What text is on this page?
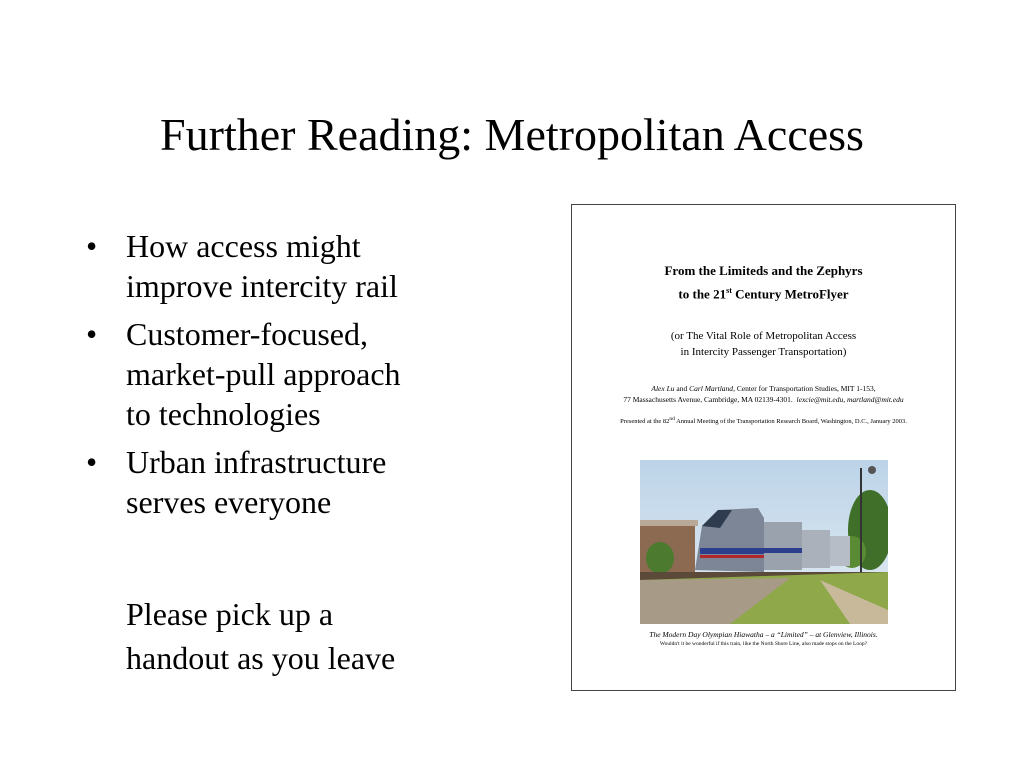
Further Reading: Metropolitan Access
• How access might
improve intercity rail
• Customer-focused,
market-pull approach
to technologies
• Urban infrastructure
serves everyone
Please pick up a
handout as you leave
From the Limiteds and the Zephyrs
to the 21st Century MetroFlyer
(or The Vital Role of Metropolitan Access
in Intercity Passenger Transportation)
Alex Lu and Carl Martland, Center for Transportation Studies, MIT 1-153,
77 Massachusetts Avenue, Cambridge, MA 02139-4301. lexcie@mit.edu, martland@mit.edu
Presented at the 82nd Annual Meeting of the Transportation Research Board, Washington, D.C., January 2003.
The Modern Day Olympian Hiawatha – a “Limited” – at Glenview, Illinois.
Wouldn't it be wonderful if this train, like the North Shore Line, also made stops on the Loop?
